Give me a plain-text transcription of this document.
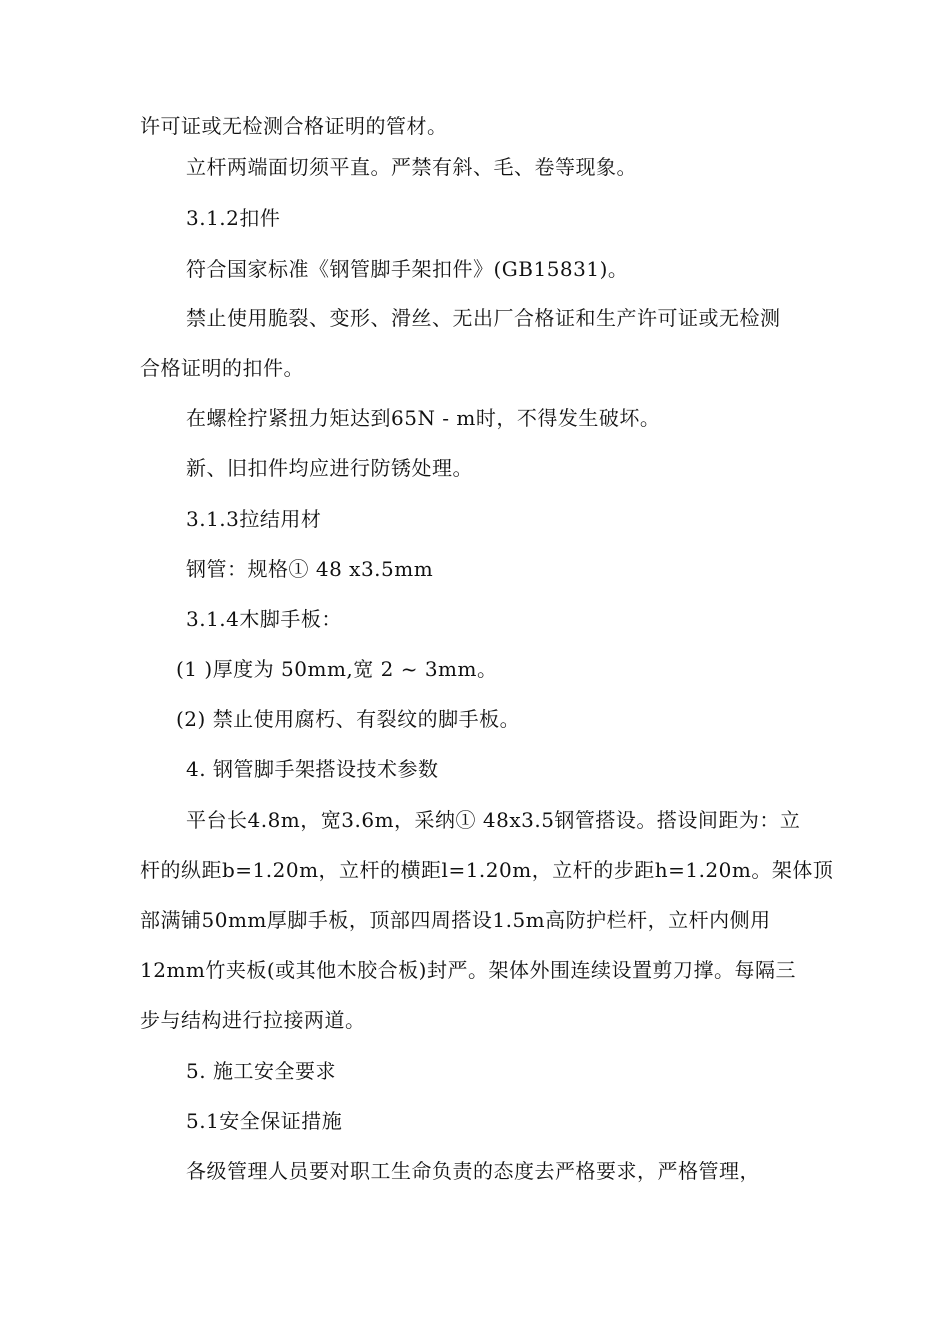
许可证或无检测合格证明的管材。
立杆两端面切须平直。严禁有斜、毛、卷等现象。
3.1.2扣件
符合国家标准《钢管脚手架扣件》(GB15831)。
禁止使用脆裂、变形、滑丝、无出厂合格证和生产许可证或无检测
合格证明的扣件。
在螺栓拧紧扭力矩达到65N - m时，不得发生破坏。
新、旧扣件均应进行防锈处理。
3.1.3拉结用材
钢管：规格① 48 x3.5mm
3.1.4木脚手板：
(1 )厚度为 50mm,宽 2 ~ 3mm。
(2) 禁止使用腐朽、有裂纹的脚手板。
4. 钢管脚手架搭设技术参数
平台长4.8m，宽3.6m，采纳① 48x3.5钢管搭设。搭设间距为：立
杆的纵距b=1.20m，立杆的横距l=1.20m，立杆的步距h=1.20m。架体顶
部满铺50mm厚脚手板，顶部四周搭设1.5m高防护栏杆，立杆内侧用
12mm竹夹板(或其他木胶合板)封严。架体外围连续设置剪刀撑。每隔三
步与结构进行拉接两道。
5. 施工安全要求
5.1安全保证措施
各级管理人员要对职工生命负责的态度去严格要求，严格管理，
